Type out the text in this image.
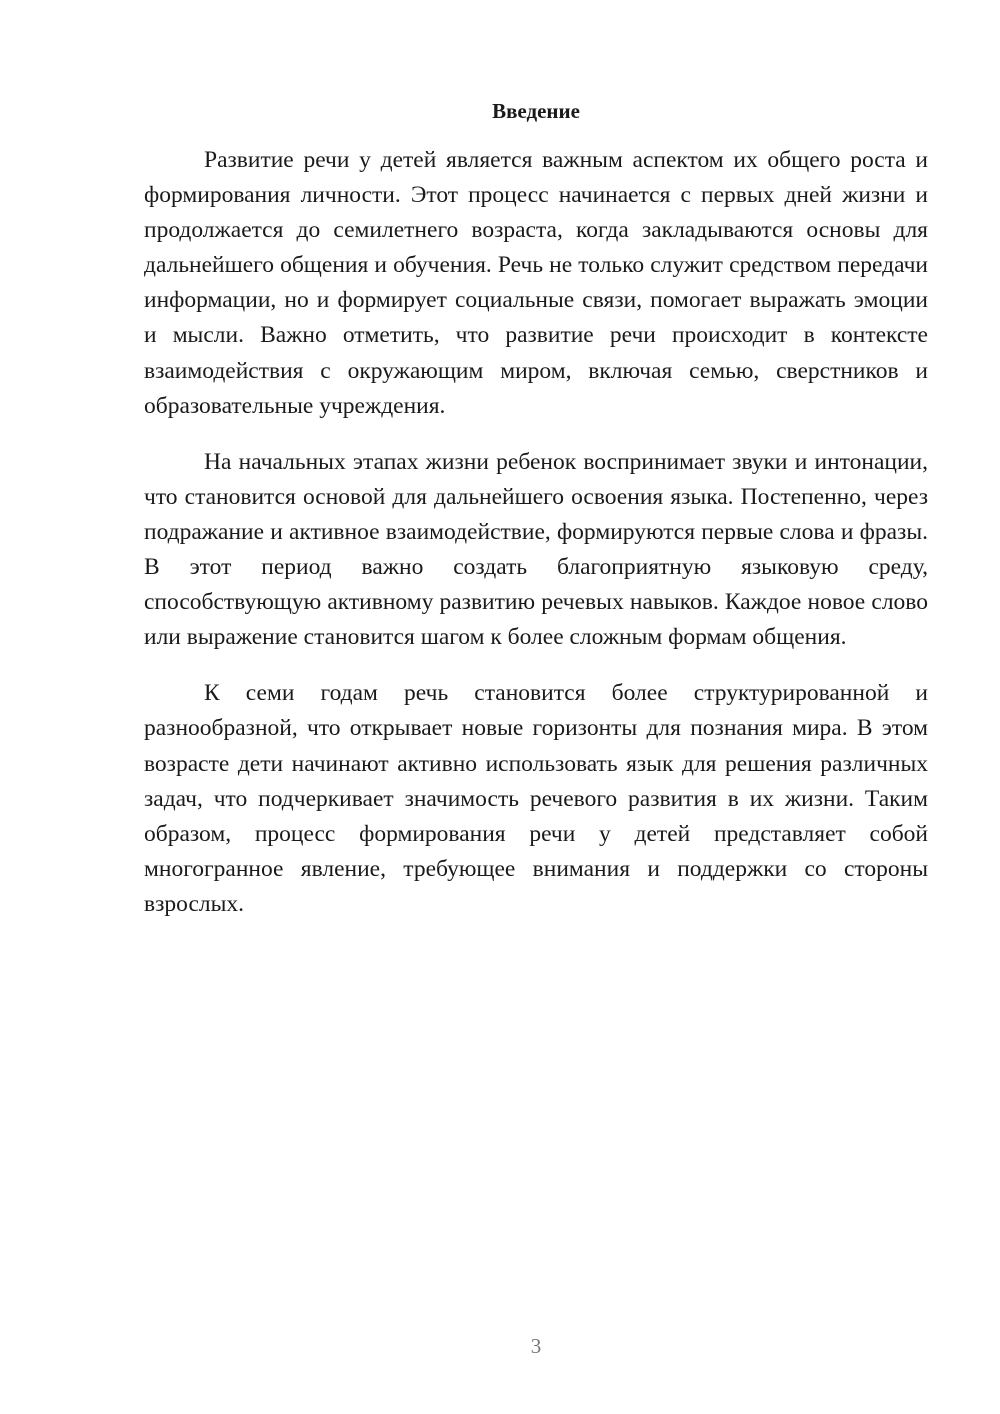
Введение

Развитие речи у детей является важным аспектом их общего роста и формирования личности. Этот процесс начинается с первых дней жизни и продолжается до семилетнего возраста, когда закладываются основы для дальнейшего общения и обучения. Речь не только служит средством передачи информации, но и формирует социальные связи, помогает выражать эмоции и мысли. Важно отметить, что развитие речи происходит в контексте взаимодействия с окружающим миром, включая семью, сверстников и образовательные учреждения.

На начальных этапах жизни ребенок воспринимает звуки и интонации, что становится основой для дальнейшего освоения языка. Постепенно, через подражание и активное взаимодействие, формируются первые слова и фразы. В этот период важно создать благоприятную языковую среду, способствующую активному развитию речевых навыков. Каждое новое слово или выражение становится шагом к более сложным формам общения.

К семи годам речь становится более структурированной и разнообразной, что открывает новые горизонты для познания мира. В этом возрасте дети начинают активно использовать язык для решения различных задач, что подчеркивает значимость речевого развития в их жизни. Таким образом, процесс формирования речи у детей представляет собой многогранное явление, требующее внимания и поддержки со стороны взрослых.

3
